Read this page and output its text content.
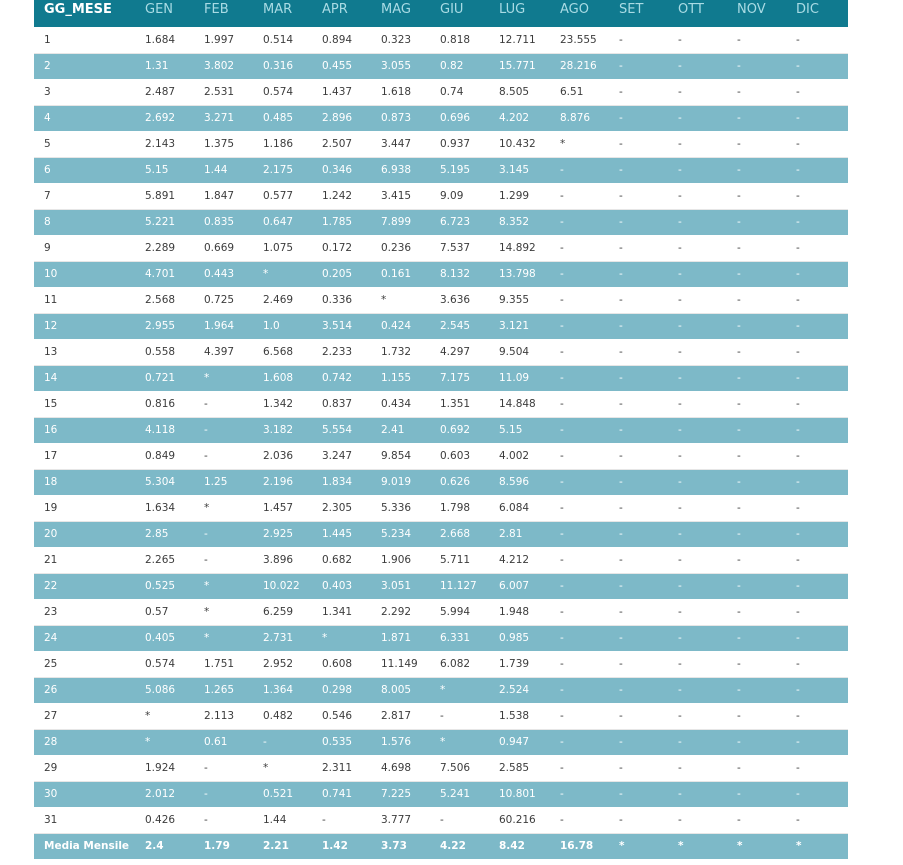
GG_MESE	GEN	FEB	MAR	APR	MAG	GIU	LUG	AGO	SET	OTT	NOV	DIC
1	1.684	1.997	0.514	0.894	0.323	0.818	12.711	23.555	-	-	-	-
2	1.31	3.802	0.316	0.455	3.055	0.82	15.771	28.216	-	-	-	-
3	2.487	2.531	0.574	1.437	1.618	0.74	8.505	6.51	-	-	-	-
4	2.692	3.271	0.485	2.896	0.873	0.696	4.202	8.876	-	-	-	-
5	2.143	1.375	1.186	2.507	3.447	0.937	10.432	*	-	-	-	-
6	5.15	1.44	2.175	0.346	6.938	5.195	3.145	-	-	-	-	-
7	5.891	1.847	0.577	1.242	3.415	9.09	1.299	-	-	-	-	-
8	5.221	0.835	0.647	1.785	7.899	6.723	8.352	-	-	-	-	-
9	2.289	0.669	1.075	0.172	0.236	7.537	14.892	-	-	-	-	-
10	4.701	0.443	*	0.205	0.161	8.132	13.798	-	-	-	-	-
11	2.568	0.725	2.469	0.336	*	3.636	9.355	-	-	-	-	-
12	2.955	1.964	1.0	3.514	0.424	2.545	3.121	-	-	-	-	-
13	0.558	4.397	6.568	2.233	1.732	4.297	9.504	-	-	-	-	-
14	0.721	*	1.608	0.742	1.155	7.175	11.09	-	-	-	-	-
15	0.816	-	1.342	0.837	0.434	1.351	14.848	-	-	-	-	-
16	4.118	-	3.182	5.554	2.41	0.692	5.15	-	-	-	-	-
17	0.849	-	2.036	3.247	9.854	0.603	4.002	-	-	-	-	-
18	5.304	1.25	2.196	1.834	9.019	0.626	8.596	-	-	-	-	-
19	1.634	*	1.457	2.305	5.336	1.798	6.084	-	-	-	-	-
20	2.85	-	2.925	1.445	5.234	2.668	2.81	-	-	-	-	-
21	2.265	-	3.896	0.682	1.906	5.711	4.212	-	-	-	-	-
22	0.525	*	10.022	0.403	3.051	11.127	6.007	-	-	-	-	-
23	0.57	*	6.259	1.341	2.292	5.994	1.948	-	-	-	-	-
24	0.405	*	2.731	*	1.871	6.331	0.985	-	-	-	-	-
25	0.574	1.751	2.952	0.608	11.149	6.082	1.739	-	-	-	-	-
26	5.086	1.265	1.364	0.298	8.005	*	2.524	-	-	-	-	-
27	*	2.113	0.482	0.546	2.817	-	1.538	-	-	-	-	-
28	*	0.61	-	0.535	1.576	*	0.947	-	-	-	-	-
29	1.924	-	*	2.311	4.698	7.506	2.585	-	-	-	-	-
30	2.012	-	0.521	0.741	7.225	5.241	10.801	-	-	-	-	-
31	0.426	-	1.44	-	3.777	-	60.216	-	-	-	-	-
Media Mensile	2.4	1.79	2.21	1.42	3.73	4.22	8.42	16.78	*	*	*	*
